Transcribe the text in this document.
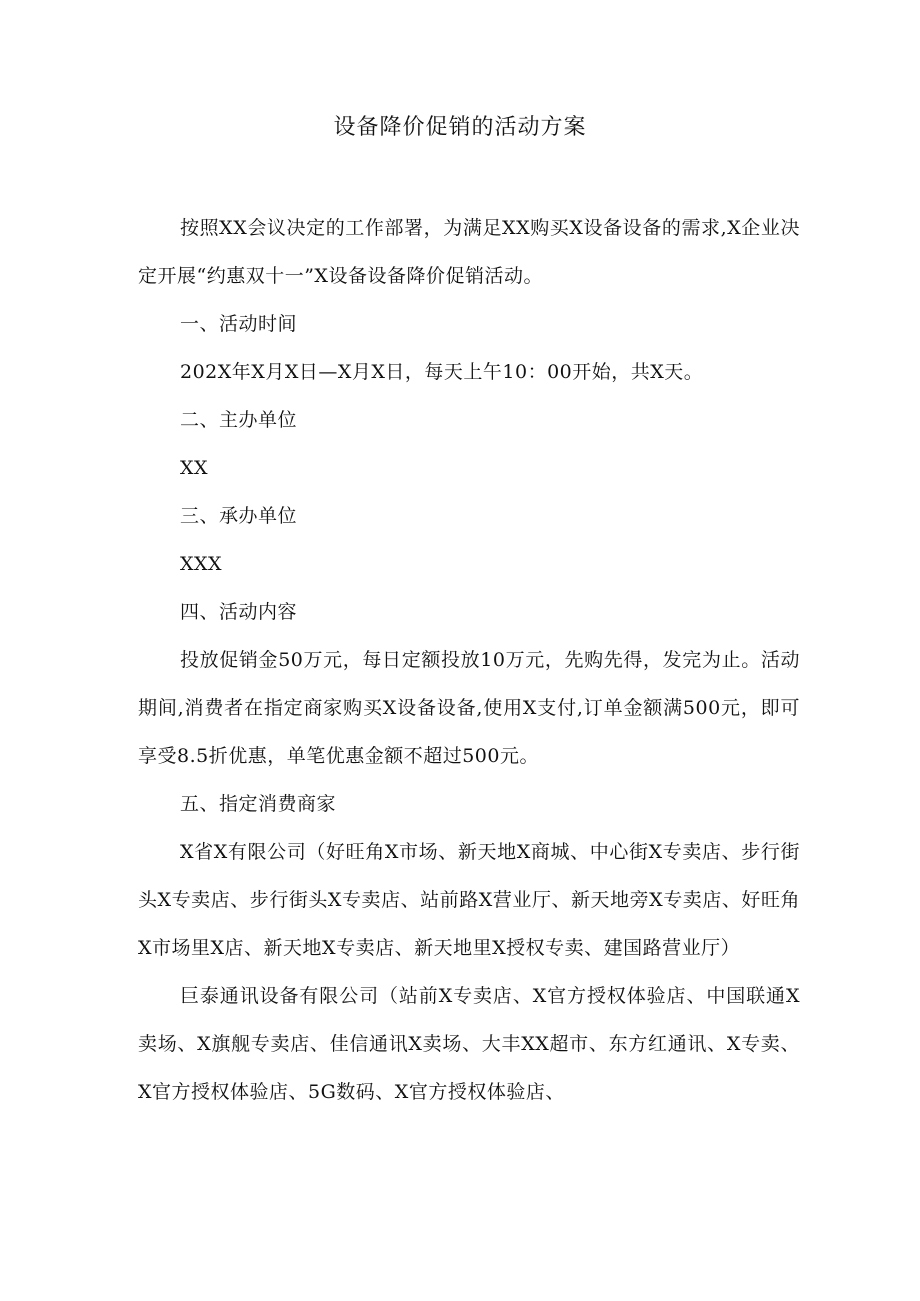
设备降价促销的活动方案

按照XX会议决定的工作部署，为满足XX购买X设备设备的需求,X企业决定开展“约惠双十一”X设备设备降价促销活动。

一、活动时间

202X年X月X日—X月X日，每天上午10：00开始，共X天。

二、主办单位

XX

三、承办单位

XXX

四、活动内容

投放促销金50万元，每日定额投放10万元，先购先得，发完为止。活动期间,消费者在指定商家购买X设备设备,使用X支付,订单金额满500元，即可享受8.5折优惠，单笔优惠金额不超过500元。

五、指定消费商家

X省X有限公司（好旺角X市场、新天地X商城、中心街X专卖店、步行街头X专卖店、步行街头X专卖店、站前路X营业厅、新天地旁X专卖店、好旺角X市场里X店、新天地X专卖店、新天地里X授权专卖、建国路营业厅）

巨泰通讯设备有限公司（站前X专卖店、X官方授权体验店、中国联通X卖场、X旗舰专卖店、佳信通讯X卖场、大丰XX超市、东方红通讯、X专卖、X官方授权体验店、5G数码、X官方授权体验店、
